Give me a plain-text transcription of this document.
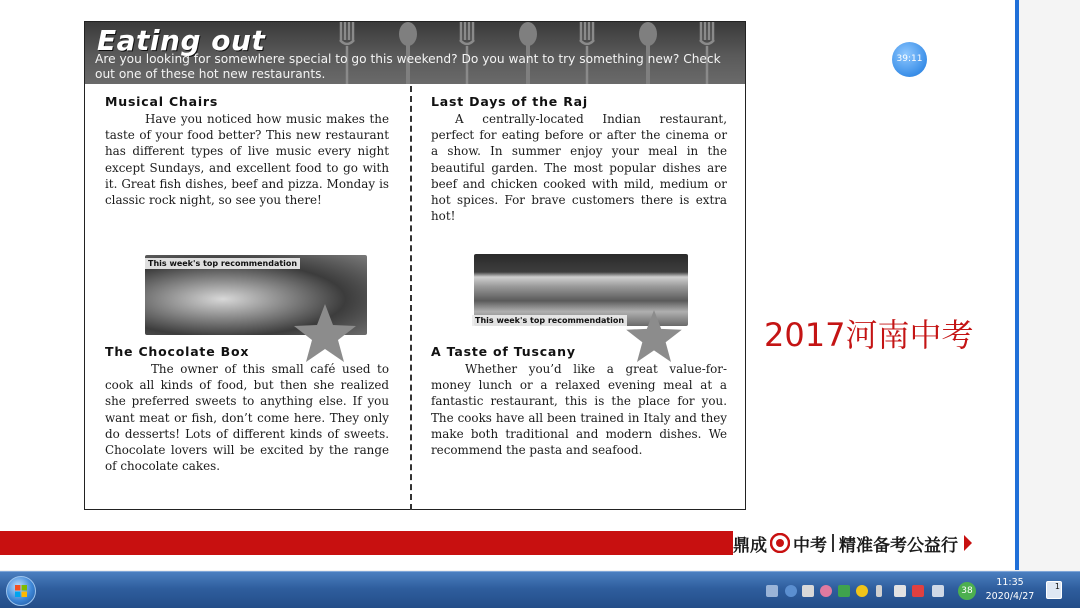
Eating out
Are you looking for somewhere special to go this weekend? Do you want to try something new? Check out one of these hot new restaurants.
Musical Chairs
Have you noticed how music makes the taste of your food better? This new restaurant has different types of live music every night except Sundays, and excellent food to go with it. Great fish dishes, beef and pizza. Monday is classic rock night, so see you there!
This week's top recommendation
The Chocolate Box
The owner of this small café used to cook all kinds of food, but then she realized she preferred sweets to anything else. If you want meat or fish, don’t come here. They only do desserts! Lots of different kinds of sweets. Chocolate lovers will be excited by the range of chocolate cakes.
Last Days of the Raj
A centrally-located Indian restaurant, perfect for eating before or after the cinema or a show. In summer enjoy your meal in the beautiful garden. The most popular dishes are beef and chicken cooked with mild, medium or hot spices. For brave customers there is extra hot!
This week's top recommendation
A Taste of Tuscany
Whether you’d like a great value-for-money lunch or a relaxed evening meal at a fantastic restaurant, this is the place for you. The cooks have all been trained in Italy and they make both traditional and modern dishes. We recommend the pasta and seafood.
39:11
2017河南中考
鼎成 中考 精准备考公益行
38
11:35
2020/4/27
1
